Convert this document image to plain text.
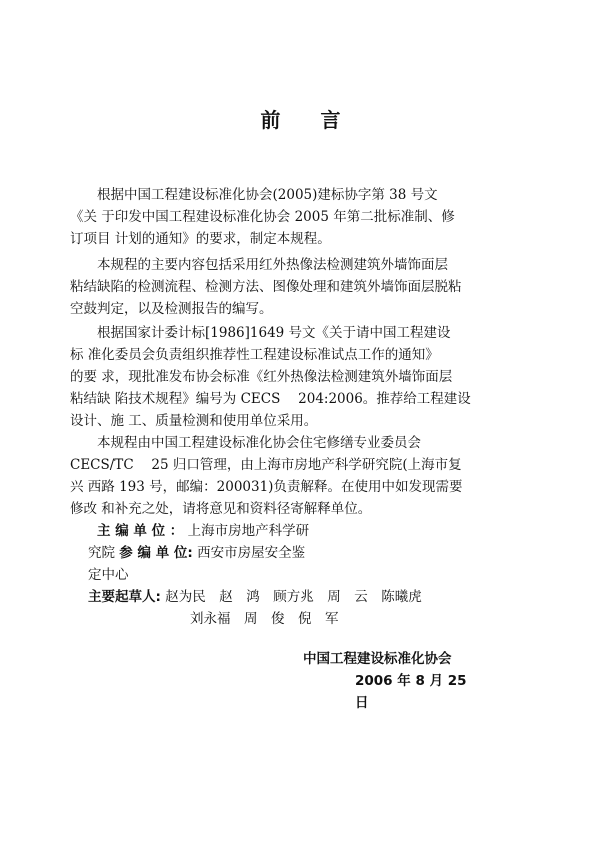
前 言
根据中国工程建设标准化协会(2005)建标协字第 38 号文
《关 于印发中国工程建设标准化协会 2005 年第二批标准制、修
订项目 计划的通知》的要求，制定本规程。
本规程的主要内容包括采用红外热像法检测建筑外墙饰面层
粘结缺陷的检测流程、检测方法、图像处理和建筑外墙饰面层脱粘
空鼓判定，以及检测报告的编写。
根据国家计委计标[1986]1649 号文《关于请中国工程建设
标 准化委员会负责组织推荐性工程建设标准试点工作的通知》
的要 求，现批准发布协会标准《红外热像法检测建筑外墙饰面层
粘结缺 陷技术规程》编号为 CECS　 204:2006。推荐给工程建设
设计、施 工、质量检测和使用单位采用。
本规程由中国工程建设标准化协会住宅修缮专业委员会
CECS/TC　 25 归口管理，由上海市房地产科学研究院(上海市复
兴 西路 193 号，邮编：200031)负责解释。在使用中如发现需要
修改 和补充之处，请将意见和资料径寄解释单位。
主 编 单 位 ： 上海市房地产科学研
究院 参 编 单 位: 西安市房屋安全鉴
定中心
主要起草人: 赵为民　赵　鸿　顾方兆　周　云　陈曦虎
刘永福　周　俊　倪　军
中国工程建设标准化协会
2006 年 8 月 25
日
